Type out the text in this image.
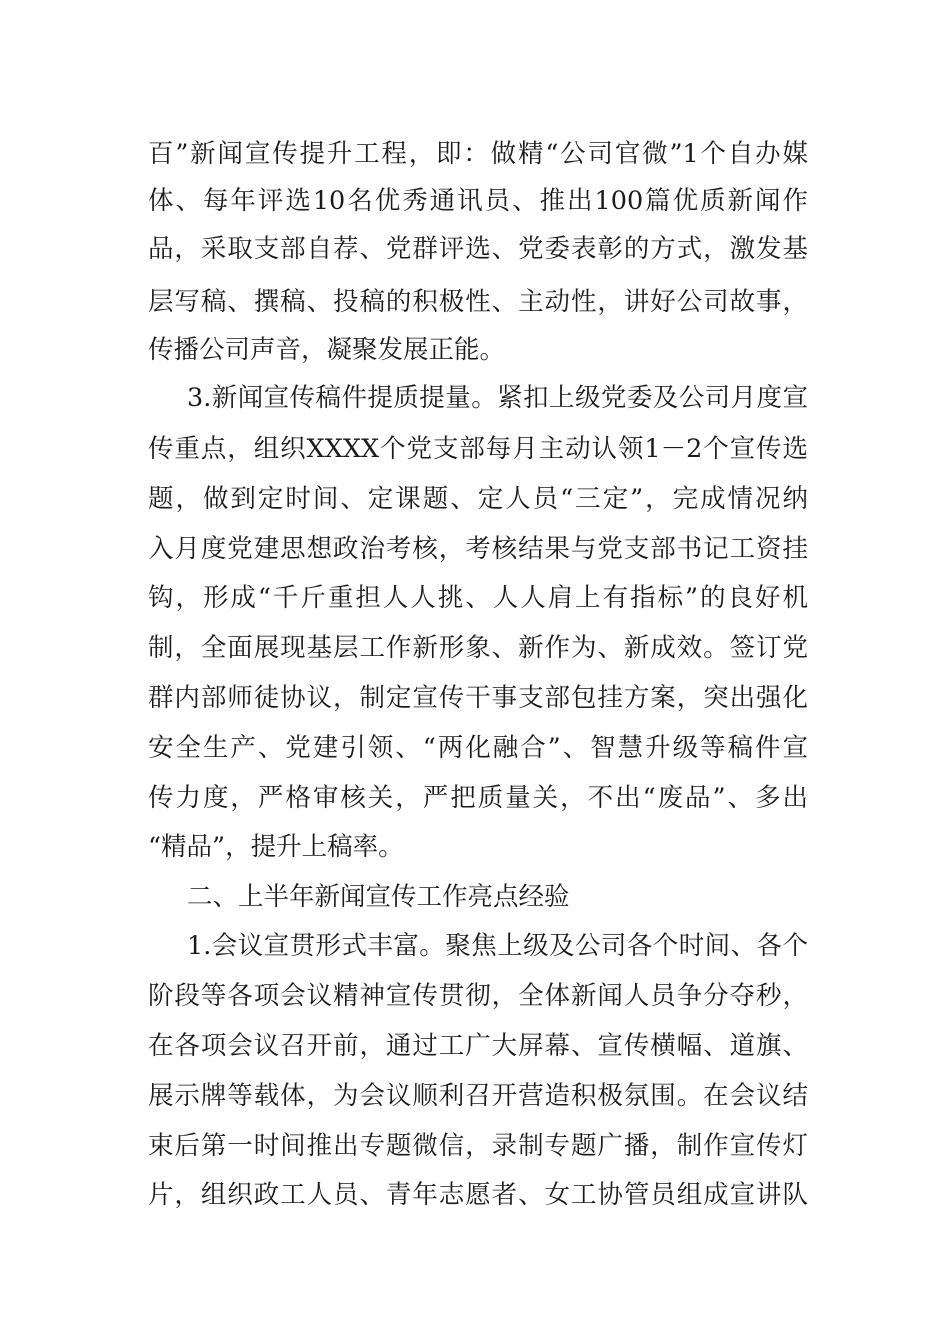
百”新闻宣传提升工程，即：做精“公司官微”1个自办媒
体、每年评选10名优秀通讯员、推出100篇优质新闻作
品，采取支部自荐、党群评选、党委表彰的方式，激发基
层写稿、撰稿、投稿的积极性、主动性，讲好公司故事，
传播公司声音，凝聚发展正能。
3.新闻宣传稿件提质提量。紧扣上级党委及公司月度宣
传重点，组织XXXX个党支部每月主动认领1－2个宣传选
题，做到定时间、定课题、定人员“三定”，完成情况纳
入月度党建思想政治考核，考核结果与党支部书记工资挂
钩，形成“千斤重担人人挑、人人肩上有指标”的良好机
制，全面展现基层工作新形象、新作为、新成效。签订党
群内部师徒协议，制定宣传干事支部包挂方案，突出强化
安全生产、党建引领、“两化融合”、智慧升级等稿件宣
传力度，严格审核关，严把质量关，不出“废品”、多出
“精品”，提升上稿率。
二、上半年新闻宣传工作亮点经验
1.会议宣贯形式丰富。聚焦上级及公司各个时间、各个
阶段等各项会议精神宣传贯彻，全体新闻人员争分夺秒，
在各项会议召开前，通过工广大屏幕、宣传横幅、道旗、
展示牌等载体，为会议顺利召开营造积极氛围。在会议结
束后第一时间推出专题微信，录制专题广播，制作宣传灯
片，组织政工人员、青年志愿者、女工协管员组成宣讲队
